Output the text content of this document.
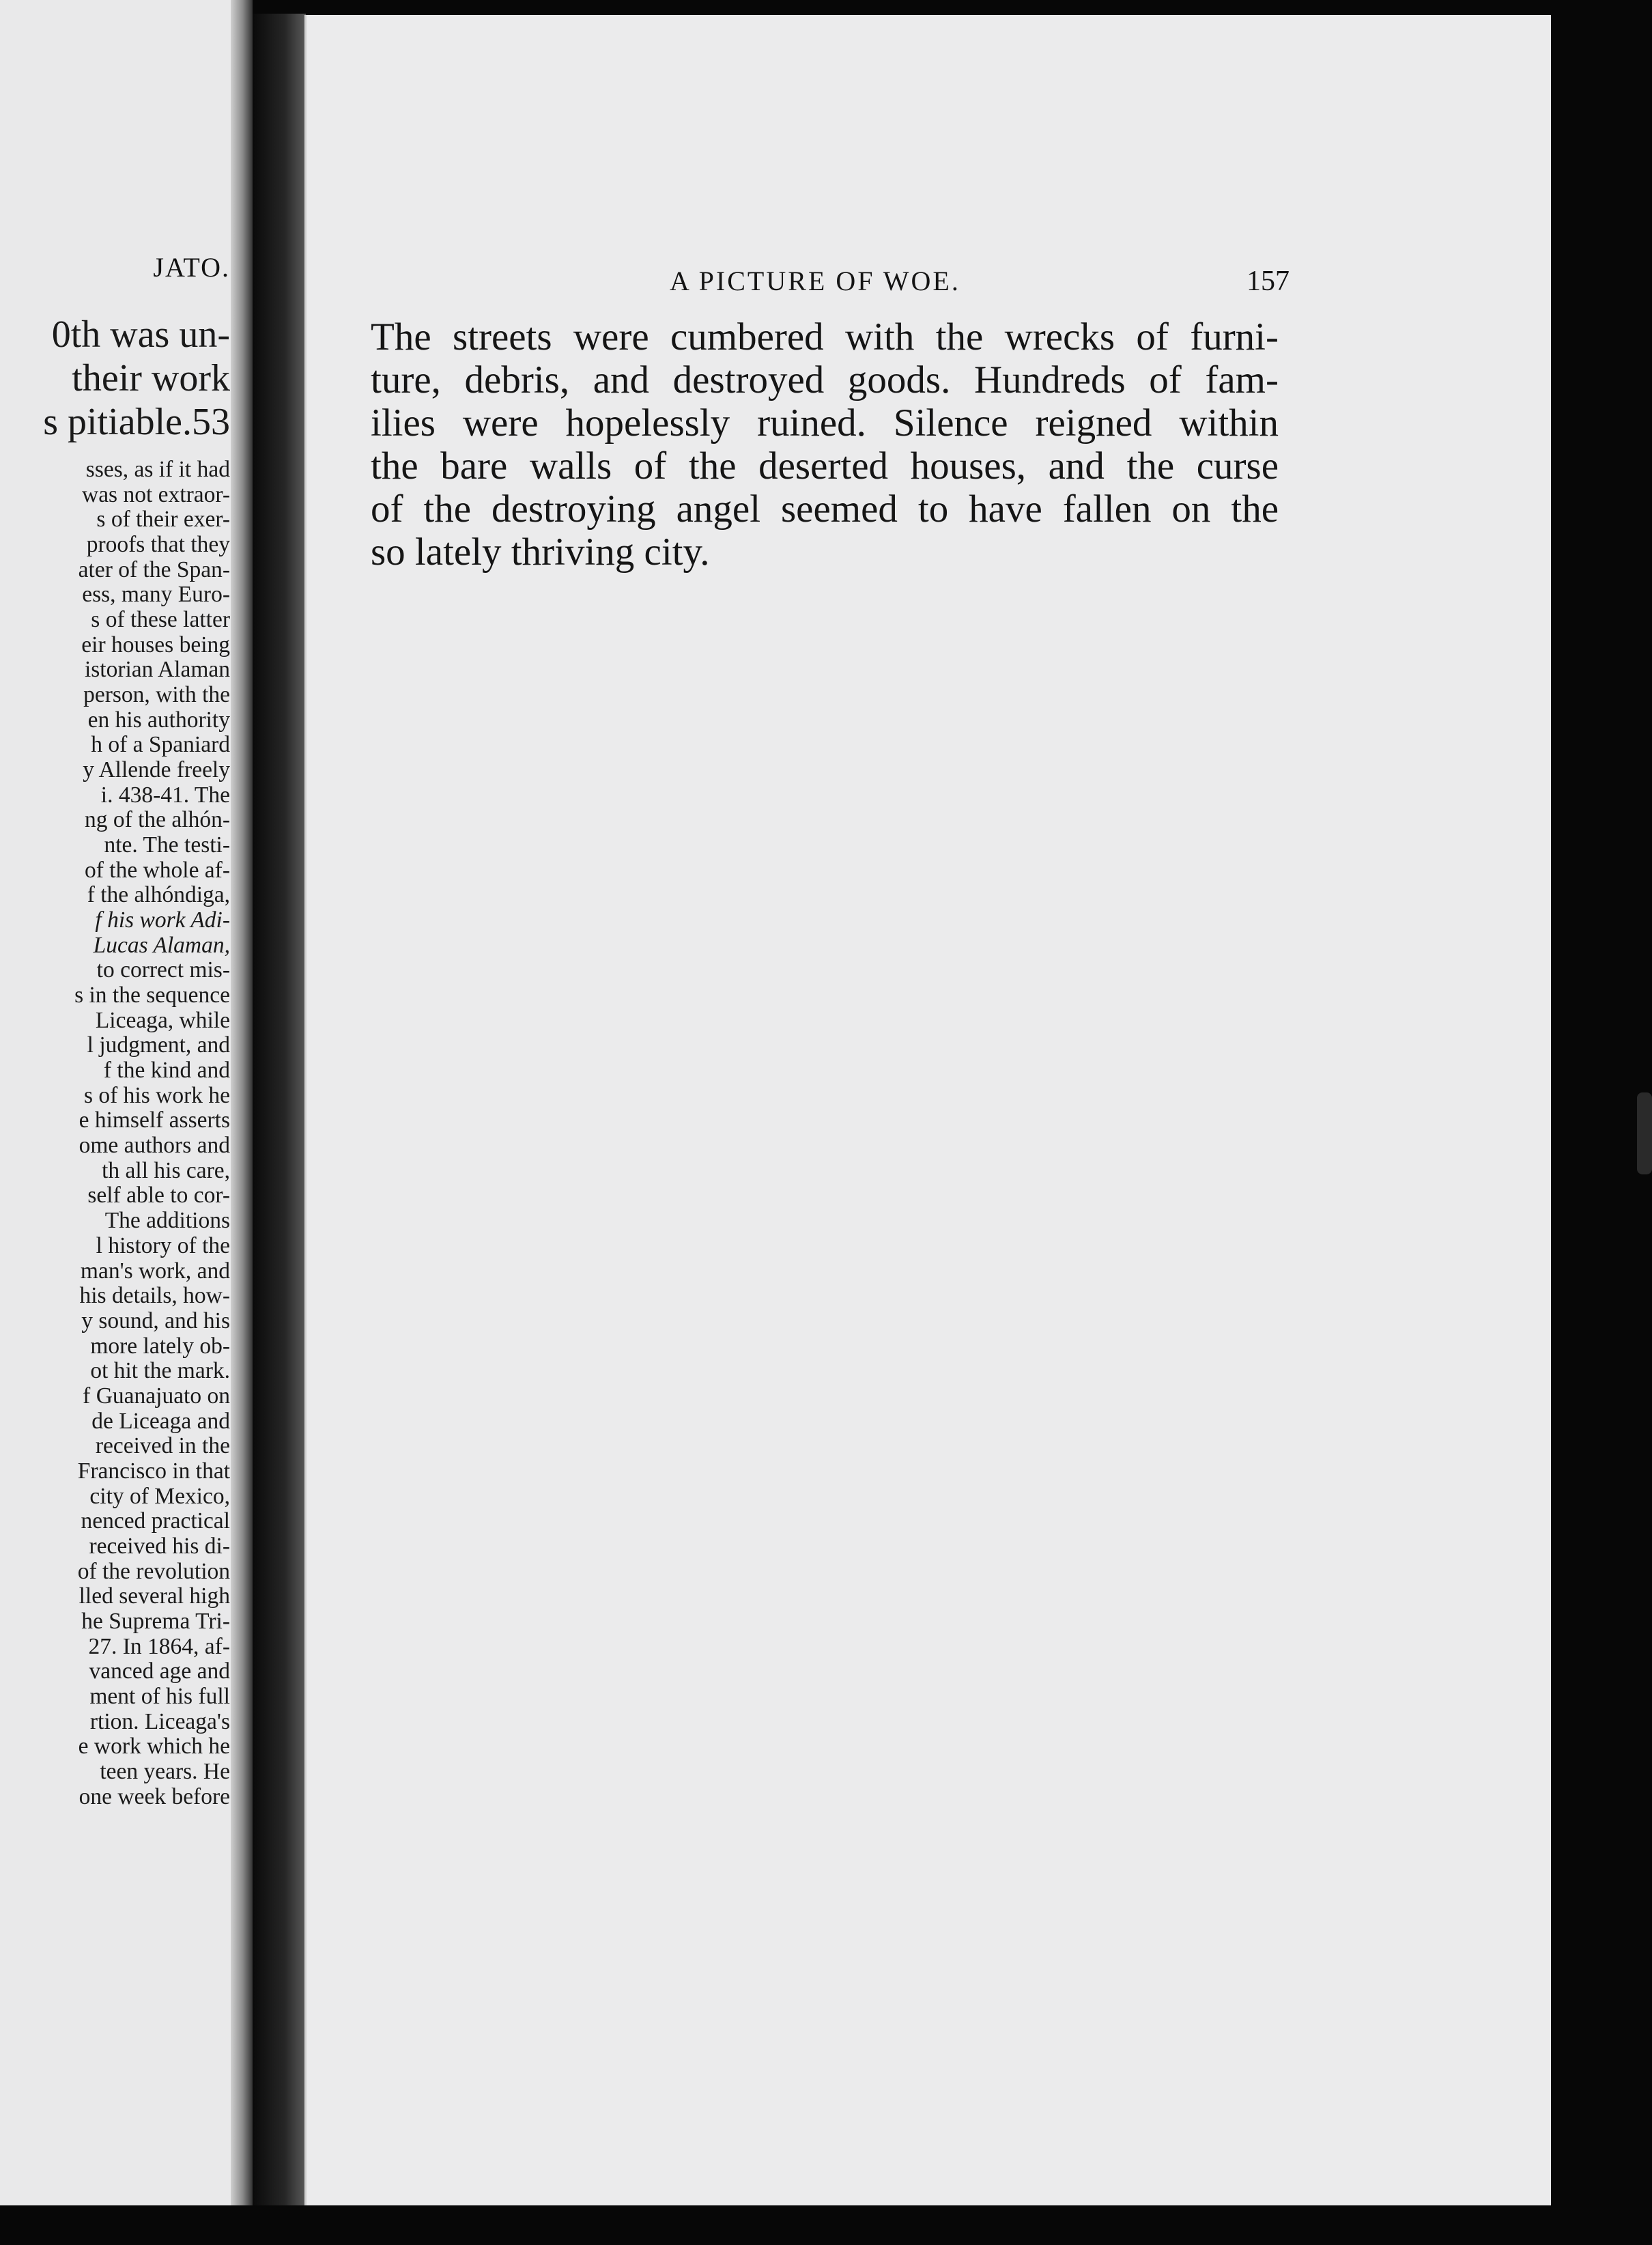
JATO.

0th was un-
their work
s pitiable.53
sses, as if it had
was not extraor-
s of their exer-
proofs that they
ater of the Span-
ess, many Euro-
s of these latter
eir houses being
istorian Alaman
person, with the
en his authority
h of a Spaniard
y Allende freely
i. 438-41. The
ng of the alhón-
nte. The testi-
of the whole af-
f the alhóndiga,
f his work Adi-
Lucas Alaman,
to correct mis-
s in the sequence
Liceaga, while
l judgment, and
f the kind and
s of his work he
e himself asserts
ome authors and
th all his care,
self able to cor-
The additions
l history of the
man's work, and
his details, how-
y sound, and his
more lately ob-
ot hit the mark.
f Guanajuato on
de Liceaga and
received in the
Francisco in that
city of Mexico,
nenced practical
received his di-
of the revolution
lled several high
he Suprema Tri-
27. In 1864, af-
vanced age and
ment of his full
rtion. Liceaga's
e work which he
teen years. He
one week before

A PICTURE OF WOE.	157

The streets were cumbered with the wrecks of furni-
ture, debris, and destroyed goods. Hundreds of fam-
ilies were hopelessly ruined. Silence reigned within
the bare walls of the deserted houses, and the curse
of the destroying angel seemed to have fallen on the
so lately thriving city.
